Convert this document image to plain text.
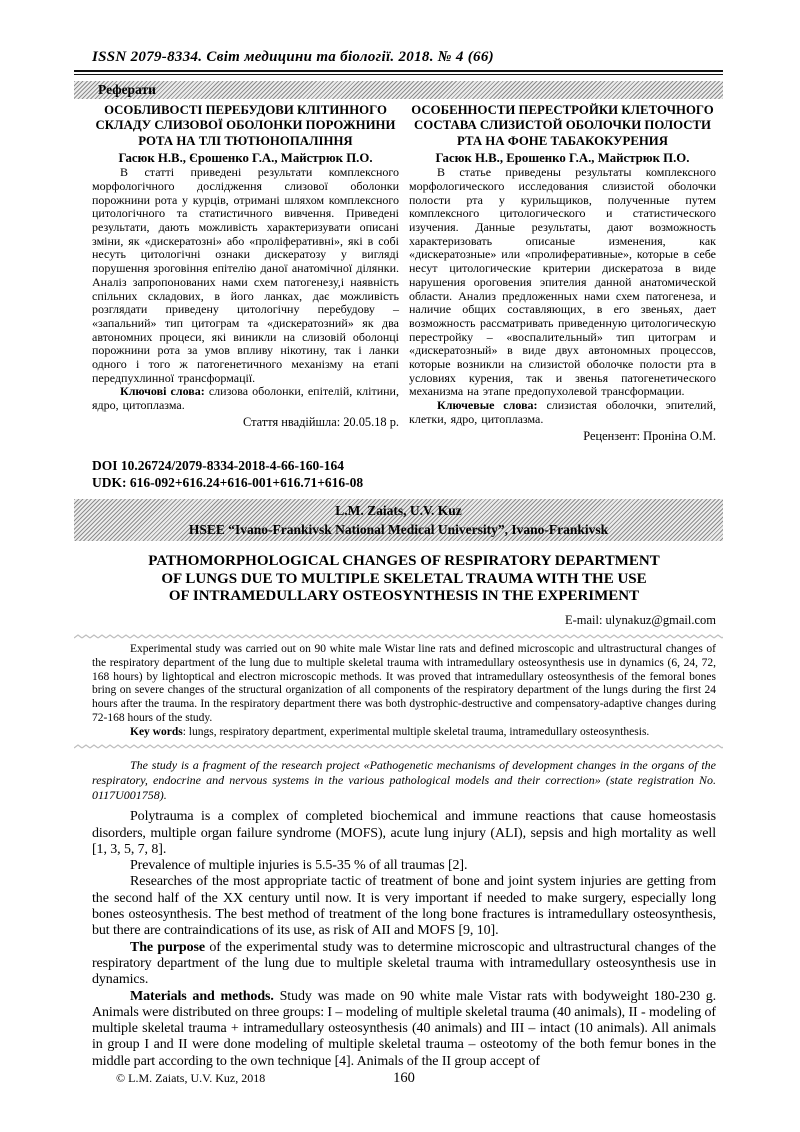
ISSN 2079-8334. Світ медицини та біології. 2018. № 4 (66)
Реферати
ОСОБЛИВОСТІ ПЕРЕБУДОВИ КЛІТИННОГО СКЛАДУ СЛИЗОВОЇ ОБОЛОНКИ ПОРОЖНИНИ РОТА НА ТЛІ ТЮТЮНОПАЛІННЯ
Гасюк Н.В., Єрошенко Г.А., Майстрюк П.О.

В статті приведені результати комплексного морфологічного дослідження слизової оболонки порожнини рота у курців, отримані шляхом комплексного цитологічного та статистичного вивчення. Приведені результати, дають можливість характеризувати описані зміни, як «дискератозні» або «проліферативні», які в собі несуть цитологічні ознаки дискератозу у вигляді порушення зроговіння епітелію даної анатомічної ділянки. Аналіз запропонованих нами схем патогенезу,і наявність спільних складових, в його ланках, дає можливість розглядати приведену цитологічну перебудову – «запальний» тип цитограм та «дискератозний» як два автономних процеси, які виникли на слизовій оболонці порожнини рота за умов впливу нікотину, так і ланки одного і того ж патогенетичного механізму на етапі передпухлинної трансформації.

Ключові слова: слизова оболонки, епітелій, клітини, ядро, цитоплазма.

Стаття нвадійшла: 20.05.18 р.
ОСОБЕННОСТИ ПЕРЕСТРОЙКИ КЛЕТОЧНОГО СОСТАВА СЛИЗИСТОЙ ОБОЛОЧКИ ПОЛОСТИ РТА НА ФОНЕ ТАБАКОКУРЕНИЯ
Гасюк Н.В., Ерошенко Г.А., Майстрюк П.О.

В статье приведены результаты комплексного морфологического исследования слизистой оболочки полости рта у курильщиков, полученные путем комплексного цитологического и статистического изучения. Данные результаты, дают возможность характеризовать описаные изменения, как «дискератозные» или «пролиферативные», которые в себе несут цитологические критерии дискератоза в виде нарушения ороговения эпителия данной анатомической области. Анализ предложенных нами схем патогенеза, и наличие общих составляющих, в его звеньях, дает возможность рассматривать приведенную цитологическую перестройку – «воспалительный» тип цитограм и «дискератозный» в виде двух автономных процессов, которые возникли на слизистой оболочке полости рта в условиях курения, так и звенья патогенетического механизма на этапе предопухолевой трансформации.

Ключевые слова: слизистая оболочки, эпителий, клетки, ядро, цитоплазма.

Рецензент: Проніна О.М.
DOI 10.26724/2079-8334-2018-4-66-160-164
UDK: 616-092+616.24+616-001+616.71+616-08
L.M. Zaiats, U.V. Kuz
HSEE “Ivano-Frankivsk National Medical University”, Ivano-Frankivsk
PATHOMORPHOLOGICAL CHANGES OF RESPIRATORY DEPARTMENT
OF LUNGS DUE TO MULTIPLE SKELETAL TRAUMA WITH THE USE
OF INTRAMEDULLARY OSTEOSYNTHESIS IN THE EXPERIMENT
E-mail: ulynakuz@gmail.com

Experimental study was carried out on 90 white male Wistar line rats and defined microscopic and ultrastructural changes of the respiratory department of the lung due to multiple skeletal trauma with intramedullary osteosynthesis use in dynamics (6, 24, 72, 168 hours) by lightoptical and electron microscopic methods. It was proved that intramedullary osteosynthesis of the femoral bones bring on severe changes of the structural organization of all components of the respiratory department of the lungs during the first 24 hours after the trauma. In the respiratory department there was both dystrophic-destructive and compensatory-adaptive changes during 72-168 hours of the study.

Key words: lungs, respiratory department, experimental multiple skeletal trauma, intramedullary osteosynthesis.

The study is a fragment of the research project «Pathogenetic mechanisms of development changes in the organs of the respiratory, endocrine and nervous systems in the various pathological models and their correction» (state registration No. 0117U001758).

Polytrauma is a complex of completed biochemical and immune reactions that cause homeostasis disorders, multiple organ failure syndrome (MOFS), acute lung injury (ALI), sepsis and high mortality as well [1, 3, 5, 7, 8].

Prevalence of multiple injuries is 5.5-35 % of all traumas [2].

Researches of the most appropriate tactic of treatment of bone and joint system injuries are getting from the second half of the XX century until now. It is very important if needed to make surgery, especially long bones osteosynthesis. The best method of treatment of the long bone fractures is intramedullary osteosynthesis, but there are contraindications of its use, as risk of AII and MOFS [9, 10].

The purpose of the experimental study was to determine microscopic and ultrastructural changes of the respiratory department of the lung due to multiple skeletal trauma with intramedullary osteosynthesis use in dynamics.

Materials and methods. Study was made on 90 white male Vistar rats with bodyweight 180-230 g. Animals were distributed on three groups: I – modeling of multiple skeletal trauma (40 animals), II - modeling of multiple skeletal trauma + intramedullary osteosynthesis (40 animals) and III – intact (10 animals). All animals in group I and II were done modeling of multiple skeletal trauma – osteotomy of the both femur bones in the middle part according to the own technique [4]. Animals of the II group accept of

© L.M. Zaiats, U.V. Kuz, 2018	160
